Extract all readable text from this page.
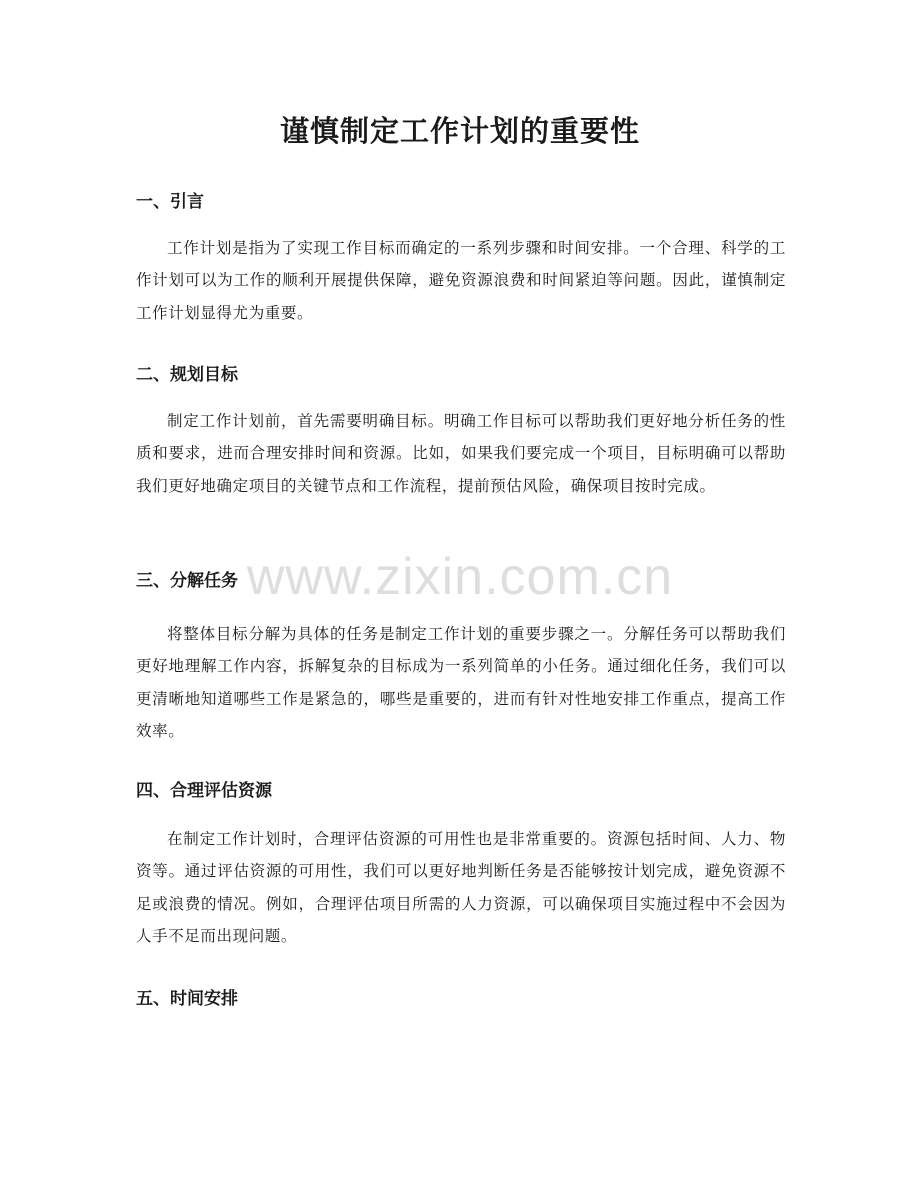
谨慎制定工作计划的重要性
一、引言

工作计划是指为了实现工作目标而确定的一系列步骤和时间安排。一个合理、科学的工作计划可以为工作的顺利开展提供保障，避免资源浪费和时间紧迫等问题。因此，谨慎制定工作计划显得尤为重要。

二、规划目标

制定工作计划前，首先需要明确目标。明确工作目标可以帮助我们更好地分析任务的性质和要求，进而合理安排时间和资源。比如，如果我们要完成一个项目，目标明确可以帮助我们更好地确定项目的关键节点和工作流程，提前预估风险，确保项目按时完成。

三、分解任务

将整体目标分解为具体的任务是制定工作计划的重要步骤之一。分解任务可以帮助我们更好地理解工作内容，拆解复杂的目标成为一系列简单的小任务。通过细化任务，我们可以更清晰地知道哪些工作是紧急的，哪些是重要的，进而有针对性地安排工作重点，提高工作效率。

四、合理评估资源

在制定工作计划时，合理评估资源的可用性也是非常重要的。资源包括时间、人力、物资等。通过评估资源的可用性，我们可以更好地判断任务是否能够按计划完成，避免资源不足或浪费的情况。例如，合理评估项目所需的人力资源，可以确保项目实施过程中不会因为人手不足而出现问题。

五、时间安排
www.zixin.com.cn
